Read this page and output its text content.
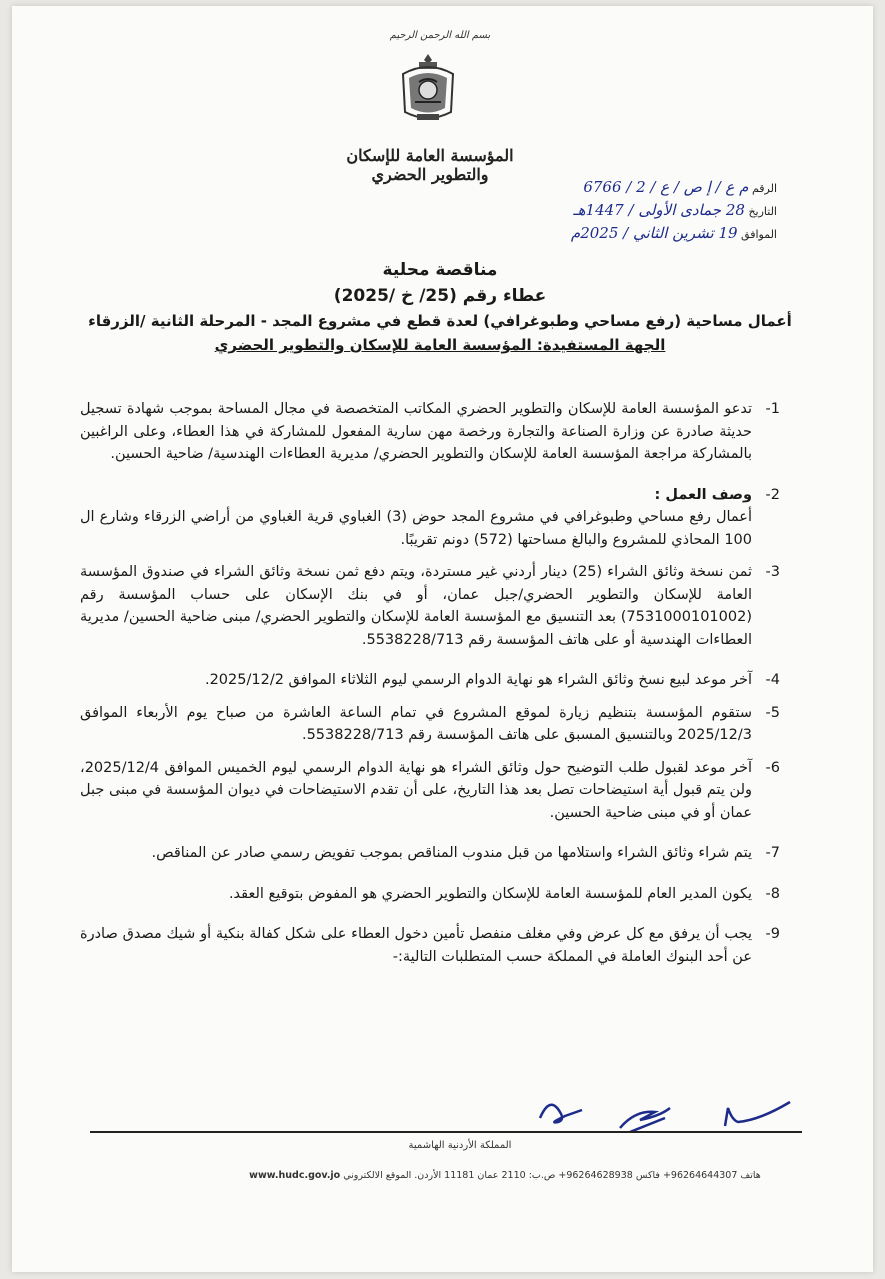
بسم الله الرحمن الرحيم
المؤسسة العامة للإسكان والتطوير الحضري
الرقم م ع / إ ص / ع / 2 / 6766
التاريخ 28 جمادى الأولى / 1447هـ
الموافق 19 تشرين الثاني / 2025م
مناقصة محلية
عطاء رقم (25/ خ /2025)
أعمال مساحية (رفع مساحي وطبوغرافي) لعدة قطع في مشروع المجد - المرحلة الثانية /الزرقاء
الجهة المستفيدة: المؤسسة العامة للإسكان والتطوير الحضري
1-
تدعو المؤسسة العامة للإسكان والتطوير الحضري المكاتب المتخصصة في مجال المساحة بموجب شهادة تسجيل حديثة صادرة عن وزارة الصناعة والتجارة ورخصة مهن سارية المفعول للمشاركة في هذا العطاء، وعلى الراغبين بالمشاركة مراجعة المؤسسة العامة للإسكان والتطوير الحضري/ مديرية العطاءات الهندسية/ ضاحية الحسين.
2-
وصف العمل :
أعمال رفع مساحي وطبوغرافي في مشروع المجد حوض (3) الغباوي قرية الغباوي من أراضي الزرقاء وشارع ال 100 المحاذي للمشروع والبالغ مساحتها (572) دونم تقريبًا.
3-
ثمن نسخة وثائق الشراء (25) دينار أردني غير مستردة، ويتم دفع ثمن نسخة وثائق الشراء في صندوق المؤسسة العامة للإسكان والتطوير الحضري/جبل عمان، أو في بنك الإسكان على حساب المؤسسة رقم (7531000101002) بعد التنسيق مع المؤسسة العامة للإسكان والتطوير الحضري/ مبنى ضاحية الحسين/ مديرية العطاءات الهندسية أو على هاتف المؤسسة رقم 5538228/713.
4-
آخر موعد لبيع نسخ وثائق الشراء هو نهاية الدوام الرسمي ليوم الثلاثاء الموافق 2025/12/2.
5-
ستقوم المؤسسة بتنظيم زيارة لموقع المشروع في تمام الساعة العاشرة من صباح يوم الأربعاء الموافق 2025/12/3 وبالتنسيق المسبق على هاتف المؤسسة رقم 5538228/713.
6-
آخر موعد لقبول طلب التوضيح حول وثائق الشراء هو نهاية الدوام الرسمي ليوم الخميس الموافق 2025/12/4، ولن يتم قبول أية استيضاحات تصل بعد هذا التاريخ، على أن تقدم الاستيضاحات في ديوان المؤسسة في مبنى جبل عمان أو في مبنى ضاحية الحسين.
7-
يتم شراء وثائق الشراء واستلامها من قبل مندوب المناقص بموجب تفويض رسمي صادر عن المناقص.
8-
يكون المدير العام للمؤسسة العامة للإسكان والتطوير الحضري هو المفوض بتوقيع العقد.
9-
يجب أن يرفق مع كل عرض وفي مغلف منفصل تأمين دخول العطاء على شكل كفالة بنكية أو شيك مصدق صادرة عن أحد البنوك العاملة في المملكة حسب المتطلبات التالية:-
المملكة الأردنية الهاشمية
هاتف 96264644307+ فاكس 96264628938+ ص.ب: 2110 عمان 11181 الأردن. الموقع الالكتروني www.hudc.gov.jo
